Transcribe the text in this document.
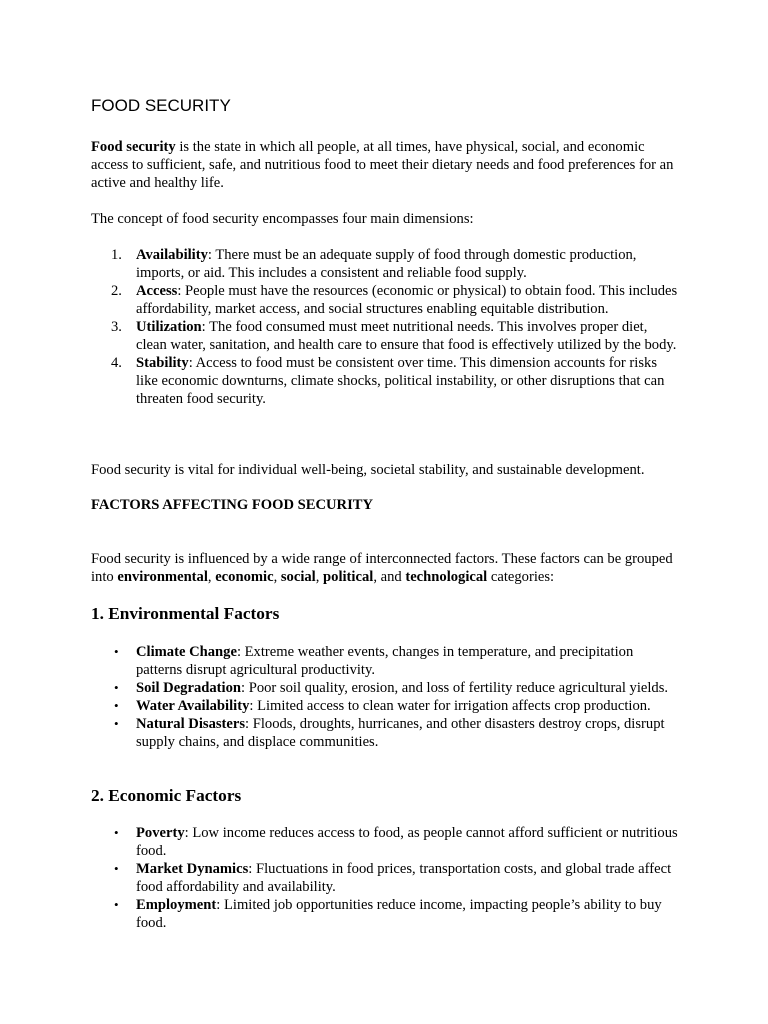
FOOD SECURITY

Food security is the state in which all people, at all times, have physical, social, and economic access to sufficient, safe, and nutritious food to meet their dietary needs and food preferences for an active and healthy life.

The concept of food security encompasses four main dimensions:

1. Availability: There must be an adequate supply of food through domestic production, imports, or aid. This includes a consistent and reliable food supply.
2. Access: People must have the resources (economic or physical) to obtain food. This includes affordability, market access, and social structures enabling equitable distribution.
3. Utilization: The food consumed must meet nutritional needs. This involves proper diet, clean water, sanitation, and health care to ensure that food is effectively utilized by the body.
4. Stability: Access to food must be consistent over time. This dimension accounts for risks like economic downturns, climate shocks, political instability, or other disruptions that can threaten food security.

Food security is vital for individual well-being, societal stability, and sustainable development.

FACTORS AFFECTING FOOD SECURITY

Food security is influenced by a wide range of interconnected factors. These factors can be grouped into environmental, economic, social, political, and technological categories:

1. Environmental Factors
• Climate Change: Extreme weather events, changes in temperature, and precipitation patterns disrupt agricultural productivity.
• Soil Degradation: Poor soil quality, erosion, and loss of fertility reduce agricultural yields.
• Water Availability: Limited access to clean water for irrigation affects crop production.
• Natural Disasters: Floods, droughts, hurricanes, and other disasters destroy crops, disrupt supply chains, and displace communities.
2. Economic Factors
• Poverty: Low income reduces access to food, as people cannot afford sufficient or nutritious food.
• Market Dynamics: Fluctuations in food prices, transportation costs, and global trade affect food affordability and availability.
• Employment: Limited job opportunities reduce income, impacting people’s ability to buy food.
